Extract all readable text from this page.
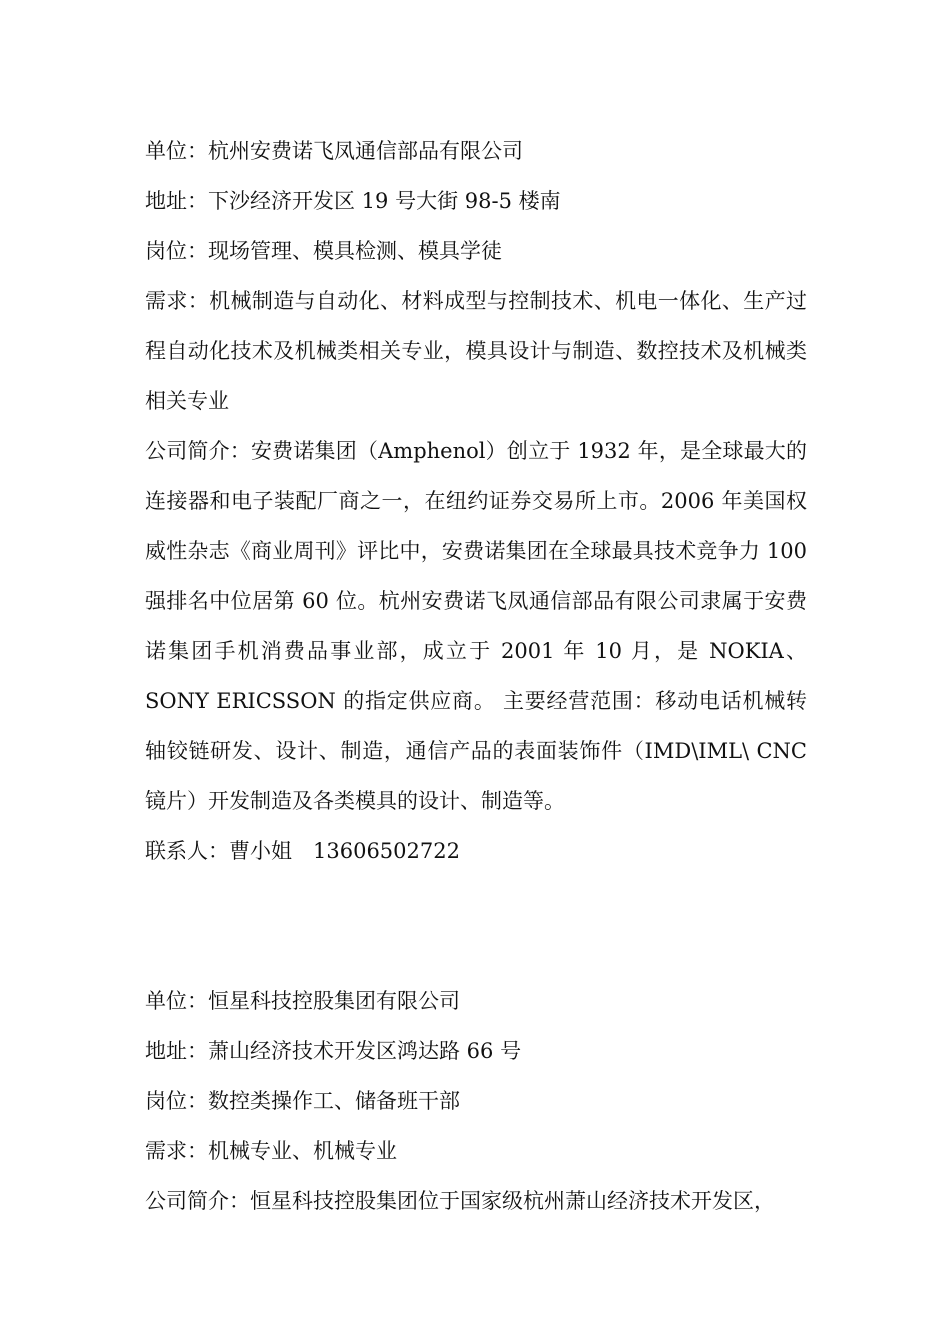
单位：杭州安费诺飞凤通信部品有限公司

地址：下沙经济开发区 19 号大街 98-5 楼南

岗位：现场管理、模具检测、模具学徒

需求：机械制造与自动化、材料成型与控制技术、机电一体化、生产过程自动化技术及机械类相关专业，模具设计与制造、数控技术及机械类相关专业

公司简介：安费诺集团（Amphenol）创立于 1932 年，是全球最大的连接器和电子装配厂商之一，在纽约证券交易所上市。2006 年美国权威性杂志《商业周刊》评比中，安费诺集团在全球最具技术竞争力 100 强排名中位居第 60 位。杭州安费诺飞凤通信部品有限公司隶属于安费诺集团手机消费品事业部，成立于 2001 年 10 月，是 NOKIA、SONY ERICSSON 的指定供应商。 主要经营范围：移动电话机械转轴铰链研发、设计、制造，通信产品的表面装饰件（IMD\IML\ CNC 镜片）开发制造及各类模具的设计、制造等。

联系人：曹小姐　13606502722

单位：恒星科技控股集团有限公司

地址：萧山经济技术开发区鸿达路 66 号

岗位：数控类操作工、储备班干部

需求：机械专业、机械专业

公司简介：恒星科技控股集团位于国家级杭州萧山经济技术开发区，
